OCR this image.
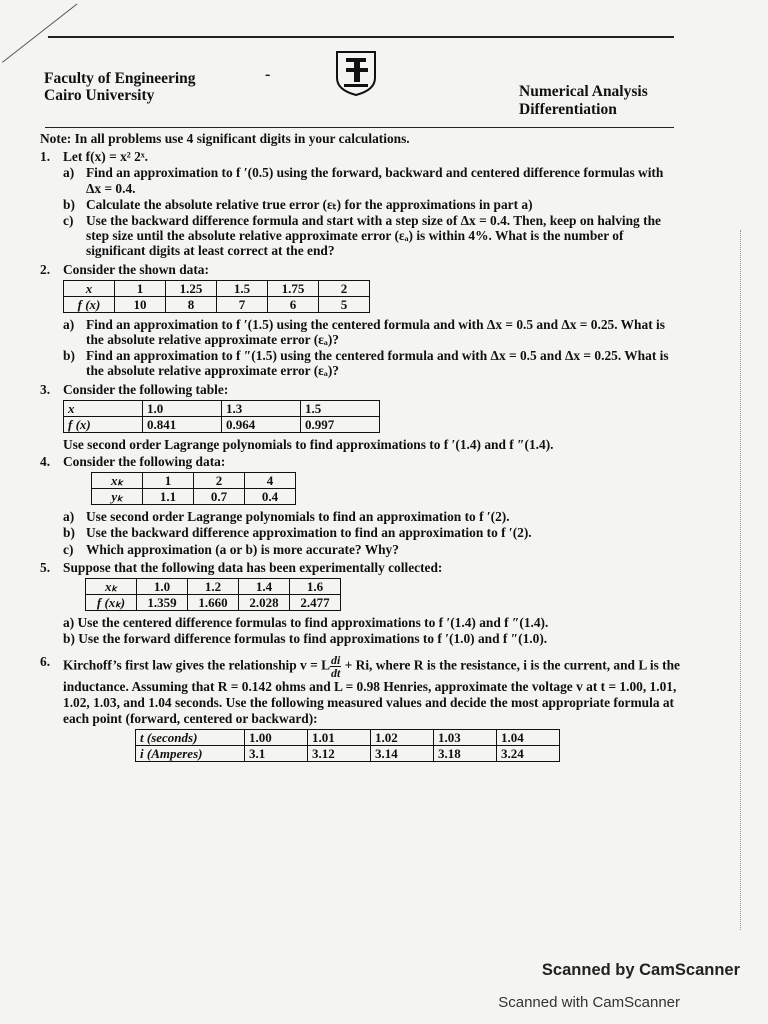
-
Faculty of Engineering
Cairo University	Numerical Analysis
Differentiation
Note: In all problems use 4 significant digits in your calculations.
1. Let f(x) = x² 2ˣ.
a) Find an approximation to f ′(0.5) using the forward, backward and centered difference formulas with Δx = 0.4.
b) Calculate the absolute relative true error (εₜ) for the approximations in part a)
c) Use the backward difference formula and start with a step size of Δx = 0.4. Then, keep on halving the step size until the absolute relative approximate error (εₐ) is within 4%. What is the number of significant digits at least correct at the end?
2. Consider the shown data:
x	1	1.25	1.5	1.75	2
f (x)	10	8	7	6	5
a) Find an approximation to f ′(1.5) using the centered formula and with Δx = 0.5 and Δx = 0.25. What is the absolute relative approximate error (εₐ)?
b) Find an approximation to f ″(1.5) using the centered formula and with Δx = 0.5 and Δx = 0.25. What is the absolute relative approximate error (εₐ)?
3. Consider the following table:
x	1.0	1.3	1.5
f (x)	0.841	0.964	0.997
Use second order Lagrange polynomials to find approximations to f ′(1.4) and f ″(1.4).
4. Consider the following data:
xₖ	1	2	4
yₖ	1.1	0.7	0.4
a) Use second order Lagrange polynomials to find an approximation to f ′(2).
b) Use the backward difference approximation to find an approximation to f ′(2).
c) Which approximation (a or b) is more accurate? Why?
5. Suppose that the following data has been experimentally collected:
xₖ	1.0	1.2	1.4	1.6
f (xₖ)	1.359	1.660	2.028	2.477
a) Use the centered difference formulas to find approximations to f ′(1.4) and f ″(1.4).
b) Use the forward difference formulas to find approximations to f ′(1.0) and f ″(1.0).
6. Kirchoff’s first law gives the relationship v = L $\frac{di}{dt} + Ri$, where R is the resistance, i is the current, and L is the inductance. Assuming that R = 0.142 ohms and L = 0.98 Henries, approximate the voltage v at t = 1.00, 1.01, 1.02, 1.03, and 1.04 seconds. Use the following measured values and decide the most appropriate formula at each point (forward, centered or backward):
t (seconds)	1.00	1.01	1.02	1.03	1.04
i (Amperes)	3.1	3.12	3.14	3.18	3.24
Scanned by CamScanner
Scanned with CamScanner
